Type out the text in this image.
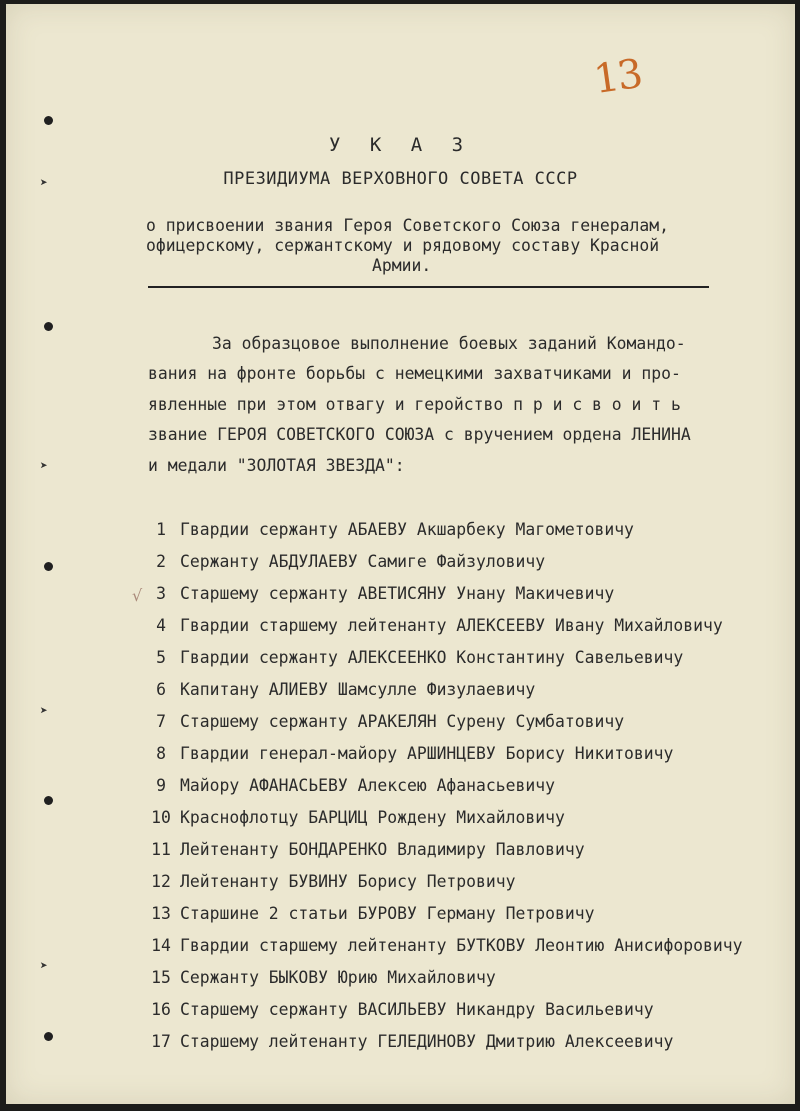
➤
➤
➤
➤
13
У К А З
ПРЕЗИДИУМА ВЕРХОВНОГО СОВЕТА СССР
о присвоении звания Героя Советского Союза генералам,
офицерскому, сержантскому и рядовому составу Красной
Армии.
За образцовое выполнение боевых заданий Командо-
вания на фронте борьбы с немецкими захватчиками и про-
явленные при этом отвагу и геройство п р и с в о и т ь
звание ГЕРОЯ СОВЕТСКОГО СОЮЗА с вручением ордена ЛЕНИНА
и медали "ЗОЛОТАЯ ЗВЕЗДА":
√
1 Гвардии сержанту АБАЕВУ Акшарбеку Магометовичу
2 Сержанту АБДУЛАЕВУ Самиге Файзуловичу
3 Старшему сержанту АВЕТИСЯНУ Унану Макичевичу
4 Гвардии старшему лейтенанту АЛЕКСЕЕВУ Ивану Михайловичу
5 Гвардии сержанту АЛЕКСЕЕНКО Константину Савельевичу
6 Капитану АЛИЕВУ Шамсулле Физулаевичу
7 Старшему сержанту АРАКЕЛЯН Сурену Сумбатовичу
8 Гвардии генерал-майору АРШИНЦЕВУ Борису Никитовичу
9 Майору АФАНАСЬЕВУ Алексею Афанасьевичу
10 Краснофлотцу БАРЦИЦ Рождену Михайловичу
11 Лейтенанту БОНДАРЕНКО Владимиру Павловичу
12 Лейтенанту БУВИНУ Борису Петровичу
13 Старшине 2 статьи БУРОВУ Герману Петровичу
14 Гвардии старшему лейтенанту БУТКОВУ Леонтию Анисифоровичу
15 Сержанту БЫКОВУ Юрию Михайловичу
16 Старшему сержанту ВАСИЛЬЕВУ Никандру Васильевичу
17 Старшему лейтенанту ГЕЛЕДИНОВУ Дмитрию Алексеевичу
